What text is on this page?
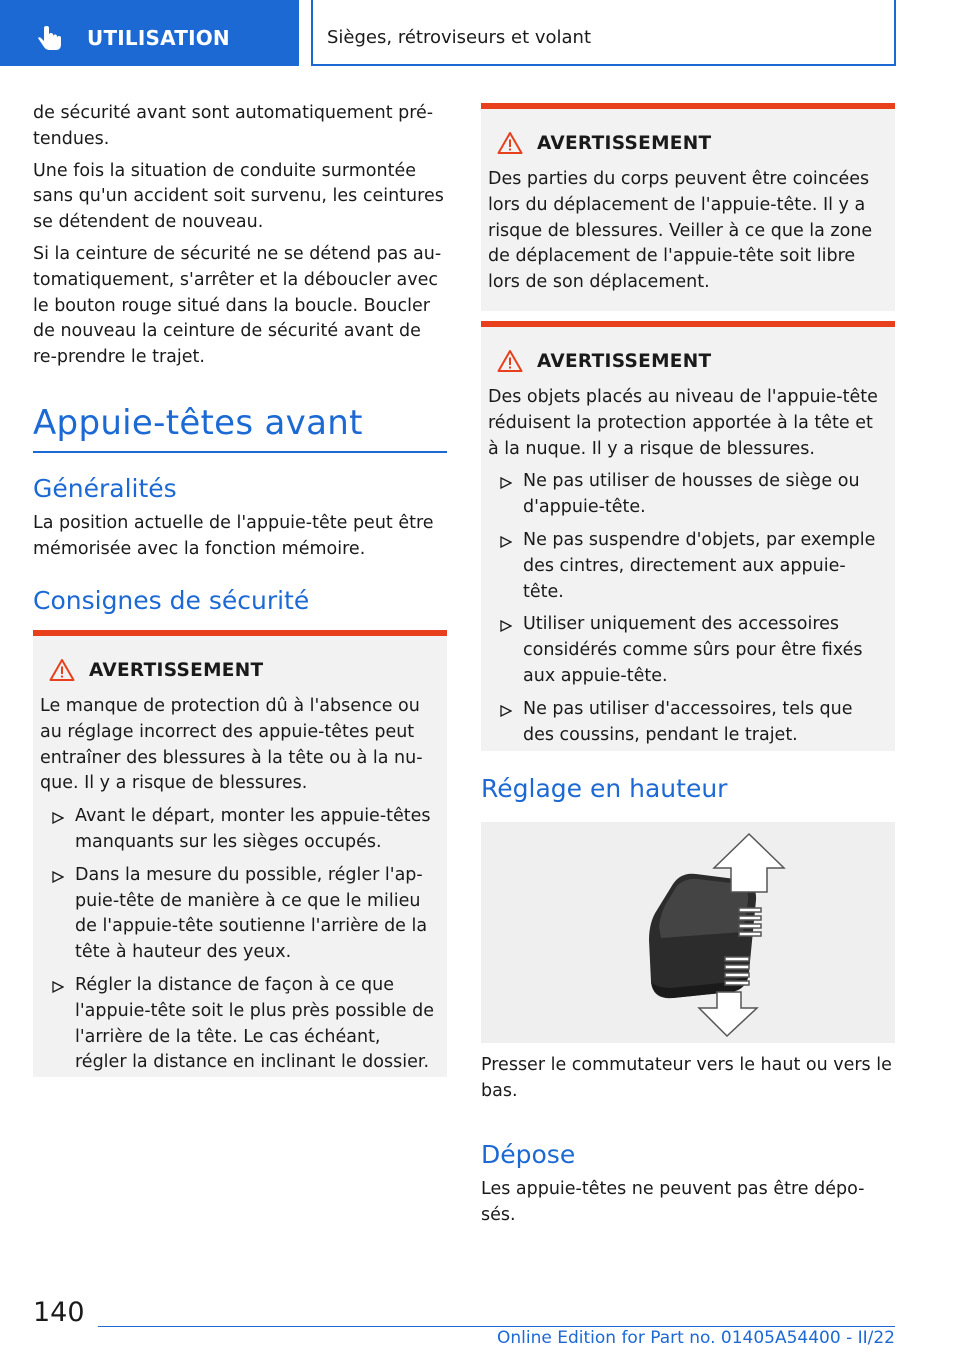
UTILISATION	Sièges, rétroviseurs et volant

de sécurité avant sont automatiquement pré-tendues.

Une fois la situation de conduite surmontée sans qu'un accident soit survenu, les ceintures se détendent de nouveau.

Si la ceinture de sécurité ne se détend pas au-tomatiquement, s'arrêter et la déboucler avec le bouton rouge situé dans la boucle. Boucler de nouveau la ceinture de sécurité avant de re-prendre le trajet.

Appuie-têtes avant
Généralités

La position actuelle de l'appuie-tête peut être mémorisée avec la fonction mémoire.

Consignes de sécurité
AVERTISSEMENT

Le manque de protection dû à l'absence ou au réglage incorrect des appuie-têtes peut entraîner des blessures à la tête ou à la nu-que. Il y a risque de blessures.

Avant le départ, monter les appuie-têtes manquants sur les sièges occupés.
Dans la mesure du possible, régler l'ap-puie-tête de manière à ce que le milieu de l'appuie-tête soutienne l'arrière de la tête à hauteur des yeux.
Régler la distance de façon à ce que l'appuie-tête soit le plus près possible de l'arrière de la tête. Le cas échéant, régler la distance en inclinant le dossier.
AVERTISSEMENT

Des parties du corps peuvent être coincées lors du déplacement de l'appuie-tête. Il y a risque de blessures. Veiller à ce que la zone de déplacement de l'appuie-tête soit libre lors de son déplacement.

AVERTISSEMENT

Des objets placés au niveau de l'appuie-tête réduisent la protection apportée à la tête et à la nuque. Il y a risque de blessures.

Ne pas utiliser de housses de siège ou d'appuie-tête.
Ne pas suspendre d'objets, par exemple des cintres, directement aux appuie-tête.
Utiliser uniquement des accessoires considérés comme sûrs pour être fixés aux appuie-tête.
Ne pas utiliser d'accessoires, tels que des coussins, pendant le trajet.
Réglage en hauteur

Presser le commutateur vers le haut ou vers le bas.

Dépose

Les appuie-têtes ne peuvent pas être dépo-sés.

140
Online Edition for Part no. 01405A54400 - II/22
